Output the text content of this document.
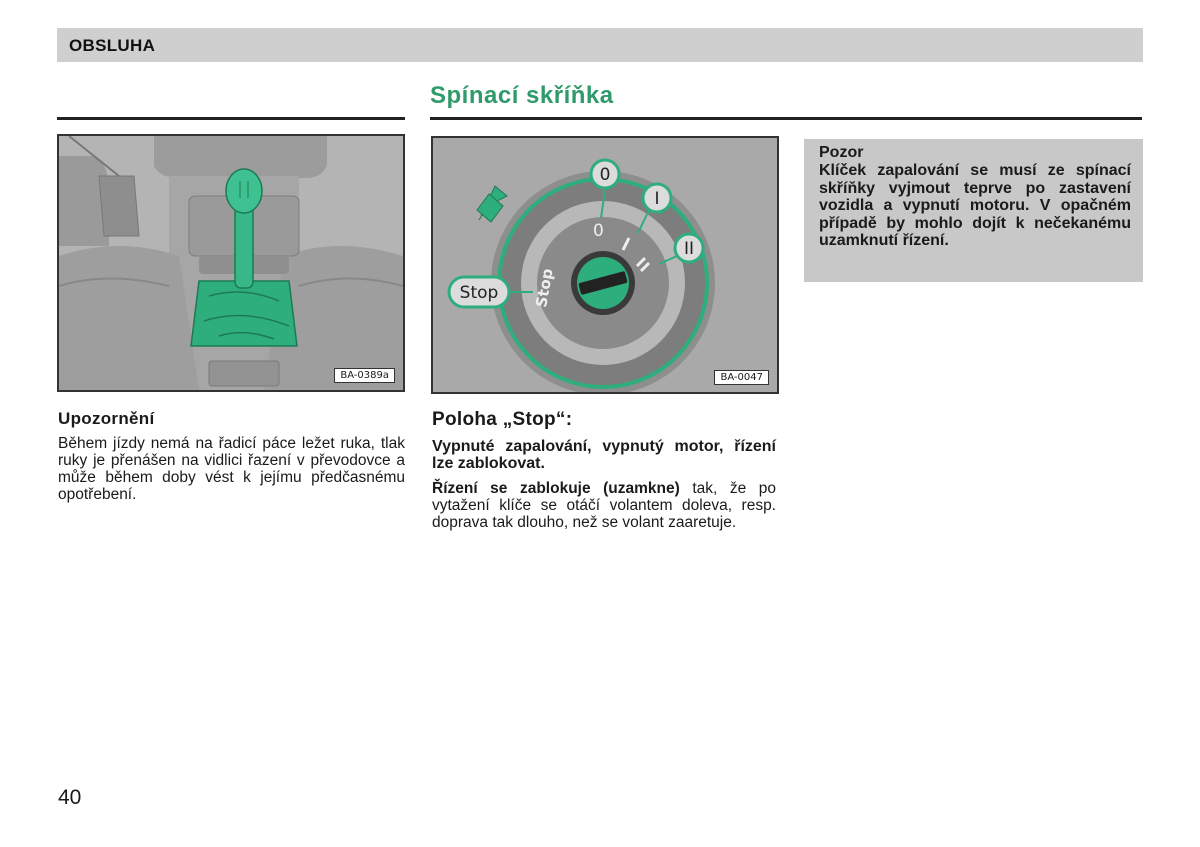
OBSLUHA
Spínací skříňka
BA-0389a
0
Stop
0
I
II
Stop
BA-0047
Upozornění
Během jízdy nemá na řadicí páce ležet ruka, tlak ruky je přenášen na vidlici řazení v převodovce a může během doby vést k jejímu předčasnému opotřebení.
Poloha „Stop“:
Vypnuté zapalování, vypnutý motor, řízení lze zablokovat.
Řízení se zablokuje (uzamkne) tak, že po vytažení klíče se otáčí volantem doleva, resp. doprava tak dlouho, než se volant zaaretuje.
Pozor
Klíček zapalování se musí ze spínací skříňky vyjmout teprve po zastavení vozidla a vypnutí motoru. V opačném případě by mohlo dojít k nečekanému uzamknutí řízení.
40
